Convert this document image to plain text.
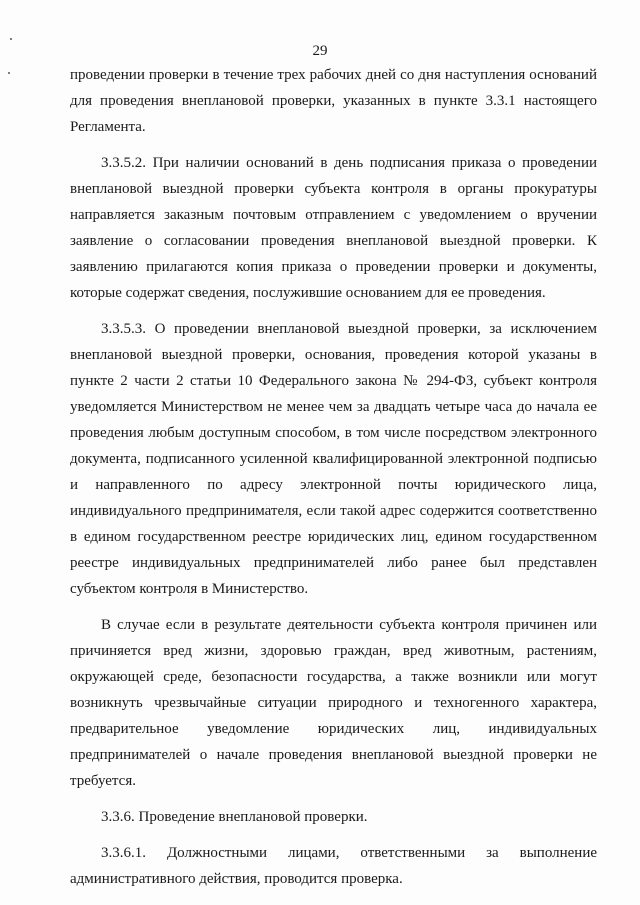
29

проведении проверки в течение трех рабочих дней со дня наступления оснований для проведения внеплановой проверки, указанных в пункте 3.3.1 настоящего Регламента.

3.3.5.2. При наличии оснований в день подписания приказа о проведении внеплановой выездной проверки субъекта контроля в органы прокуратуры направляется заказным почтовым отправлением с уведомлением о вручении заявление о согласовании проведения внеплановой выездной проверки. К заявлению прилагаются копия приказа о проведении проверки и документы, которые содержат сведения, послужившие основанием для ее проведения.

3.3.5.3. О проведении внеплановой выездной проверки, за исключением внеплановой выездной проверки, основания, проведения которой указаны в пункте 2 части 2 статьи 10 Федерального закона № 294-ФЗ, субъект контроля уведомляется Министерством не менее чем за двадцать четыре часа до начала ее проведения любым доступным способом, в том числе посредством электронного документа, подписанного усиленной квалифицированной электронной подписью и направленного по адресу электронной почты юридического лица, индивидуального предпринимателя, если такой адрес содержится соответственно в едином государственном реестре юридических лиц, едином государственном реестре индивидуальных предпринимателей либо ранее был представлен субъектом контроля в Министерство.

В случае если в результате деятельности субъекта контроля причинен или причиняется вред жизни, здоровью граждан, вред животным, растениям, окружающей среде, безопасности государства, а также возникли или могут возникнуть чрезвычайные ситуации природного и техногенного характера, предварительное уведомление юридических лиц, индивидуальных предпринимателей о начале проведения внеплановой выездной проверки не требуется.

3.3.6. Проведение внеплановой проверки.

3.3.6.1. Должностными лицами, ответственными за выполнение административного действия, проводится проверка.
